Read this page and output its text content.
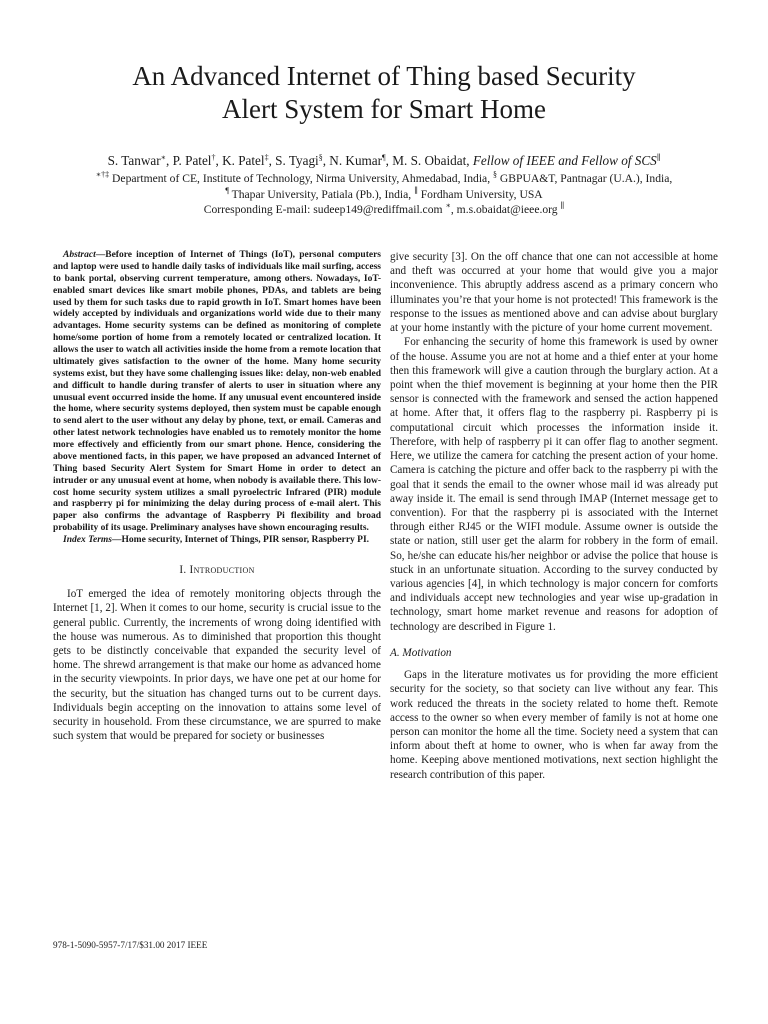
An Advanced Internet of Thing based Security
Alert System for Smart Home
S. Tanwar∗, P. Patel†, K. Patel‡, S. Tyagi§, N. Kumar¶, M. S. Obaidat, Fellow of IEEE and Fellow of SCS∥
∗†‡ Department of CE, Institute of Technology, Nirma University, Ahmedabad, India, § GBPUA&T, Pantnagar (U.A.), India,
¶ Thapar University, Patiala (Pb.), India, ∥ Fordham University, USA
Corresponding E-mail: sudeep149@rediffmail.com ∗, m.s.obaidat@ieee.org ∥

Abstract—Before inception of Internet of Things (IoT), personal computers and laptop were used to handle daily tasks of individuals like mail surfing, access to bank portal, observing current temperature, among others. Nowadays, IoT-enabled smart devices like smart mobile phones, PDAs, and tablets are being used by them for such tasks due to rapid growth in IoT. Smart homes have been widely accepted by individuals and organizations world wide due to their many advantages. Home security systems can be defined as monitoring of complete home/some portion of home from a remotely located or centralized location. It allows the user to watch all activities inside the home from a remote location that ultimately gives satisfaction to the owner of the home. Many home security systems exist, but they have some challenging issues like: delay, non-web enabled and difficult to handle during transfer of alerts to user in situation where any unusual event occurred inside the home. If any unusual event encountered inside the home, where security systems deployed, then system must be capable enough to send alert to the user without any delay by phone, text, or email. Cameras and other latest network technologies have enabled us to remotely monitor the home more effectively and efficiently from our smart phone. Hence, considering the above mentioned facts, in this paper, we have proposed an advanced Internet of Thing based Security Alert System for Smart Home in order to detect an intruder or any unusual event at home, when nobody is available there. This low-cost home security system utilizes a small pyroelectric Infrared (PIR) module and raspberry pi for minimizing the delay during process of e-mail alert. This paper also confirms the advantage of Raspberry Pi flexibility and broad probability of its usage. Preliminary analyses have shown encouraging results.

Index Terms—Home security, Internet of Things, PIR sensor, Raspberry PI.

I. Introduction

IoT emerged the idea of remotely monitoring objects through the Internet [1, 2]. When it comes to our home, security is crucial issue to the general public. Currently, the increments of wrong doing identified with the house was numerous. As to diminished that proportion this thought gets to be distinctly conceivable that expanded the security level of home. The shrewd arrangement is that make our home as advanced home in the security viewpoints. In prior days, we have one pet at our home for the security, but the situation has changed turns out to be current days. Individuals begin accepting on the innovation to attains some level of security in household. From these circumstance, we are spurred to make such system that would be prepared for society or businesses

give security [3]. On the off chance that one can not accessible at home and theft was occurred at your home that would give you a major inconvenience. This abruptly address ascend as a primary concern who illuminates you’re that your home is not protected! This framework is the response to the issues as mentioned above and can advise about burglary at your home instantly with the picture of your home current movement.

For enhancing the security of home this framework is used by owner of the house. Assume you are not at home and a thief enter at your home then this framework will give a caution through the burglary action. At a point when the thief movement is beginning at your home then the PIR sensor is connected with the framework and sensed the action happened at home. After that, it offers flag to the raspberry pi. Raspberry pi is computational circuit which processes the information inside it. Therefore, with help of raspberry pi it can offer flag to another segment. Here, we utilize the camera for catching the present action of your home. Camera is catching the picture and offer back to the raspberry pi with the goal that it sends the email to the owner whose mail id was already put away inside it. The email is send through IMAP (Internet message get to convention). For that the raspberry pi is associated with the Internet through either RJ45 or the WIFI module. Assume owner is outside the state or nation, still user get the alarm for robbery in the form of email. So, he/she can educate his/her neighbor or advise the police that house is stuck in an unfortunate situation. According to the survey conducted by various agencies [4], in which technology is major concern for comforts and individuals accept new technologies and year wise up-gradation in technology, smart home market revenue and reasons for adoption of technology are described in Figure 1.

A. Motivation

Gaps in the literature motivates us for providing the more efficient security for the society, so that society can live without any fear. This work reduced the threats in the society related to home theft. Remote access to the owner so when every member of family is not at home one person can monitor the home all the time. Society need a system that can inform about theft at home to owner, who is when far away from the home. Keeping above mentioned motivations, next section highlight the research contribution of this paper.

978-1-5090-5957-7/17/$31.00 2017 IEEE
